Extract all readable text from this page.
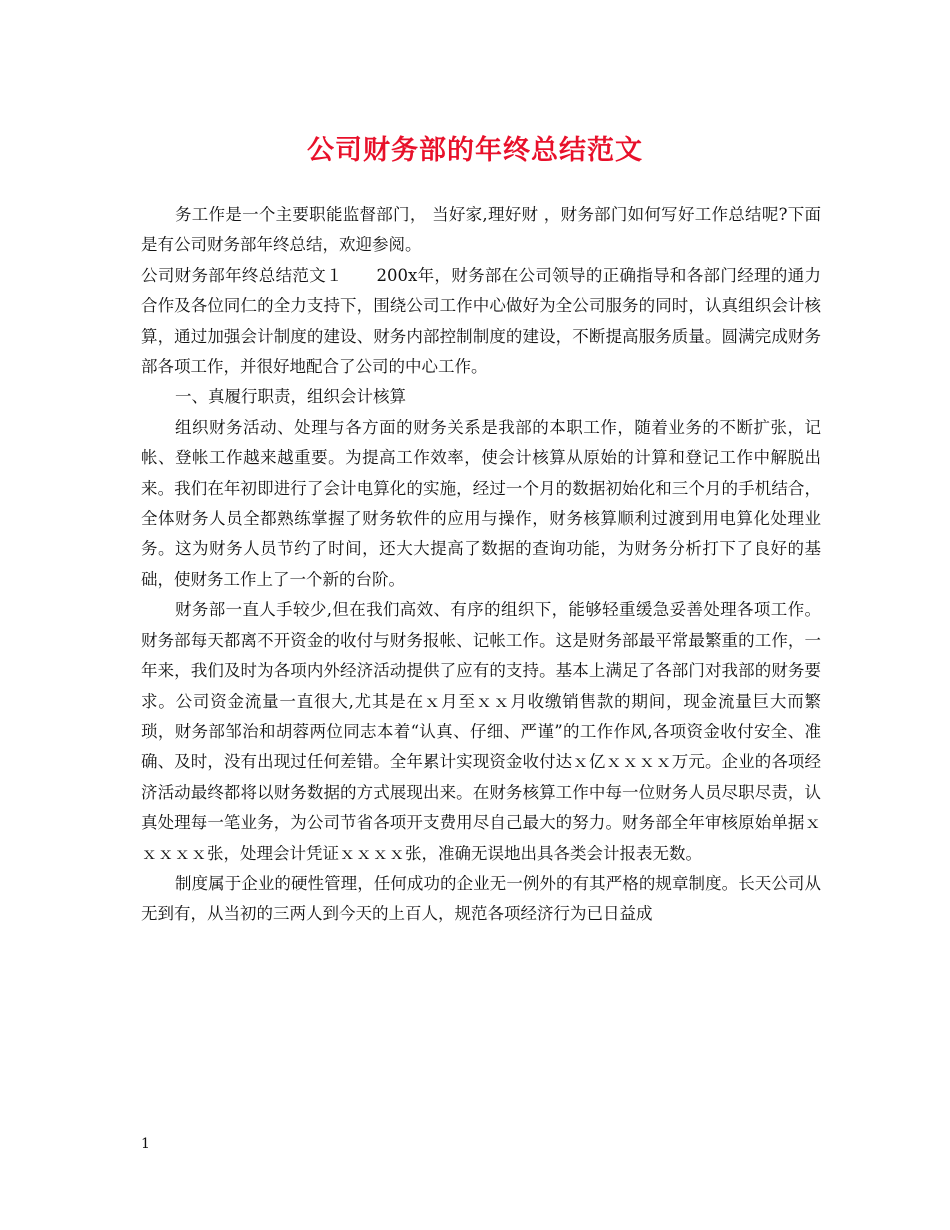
公司财务部的年终总结范文

务工作是一个主要职能监督部门， 当好家,理好财 ，财务部门如何写好工作总结呢?下面是有公司财务部年终总结，欢迎参阅。

公司财务部年终总结范文１　　200x年，财务部在公司领导的正确指导和各部门经理的通力合作及各位同仁的全力支持下，围绕公司工作中心做好为全公司服务的同时，认真组织会计核算，通过加强会计制度的建设、财务内部控制制度的建设，不断提高服务质量。圆满完成财务部各项工作，并很好地配合了公司的中心工作。

一、真履行职责，组织会计核算

组织财务活动、处理与各方面的财务关系是我部的本职工作，随着业务的不断扩张，记帐、登帐工作越来越重要。为提高工作效率，使会计核算从原始的计算和登记工作中解脱出来。我们在年初即进行了会计电算化的实施，经过一个月的数据初始化和三个月的手机结合，全体财务人员全都熟练掌握了财务软件的应用与操作，财务核算顺利过渡到用电算化处理业务。这为财务人员节约了时间，还大大提高了数据的查询功能，为财务分析打下了良好的基础，使财务工作上了一个新的台阶。

财务部一直人手较少,但在我们高效、有序的组织下，能够轻重缓急妥善处理各项工作。财务部每天都离不开资金的收付与财务报帐、记帐工作。这是财务部最平常最繁重的工作，一年来，我们及时为各项内外经济活动提供了应有的支持。基本上满足了各部门对我部的财务要求。公司资金流量一直很大,尤其是在ｘ月至ｘｘ月收缴销售款的期间，现金流量巨大而繁琐，财务部邹治和胡蓉两位同志本着“认真、仔细、严谨”的工作作风,各项资金收付安全、准确、及时，没有出现过任何差错。全年累计实现资金收付达ｘ亿ｘｘｘｘ万元。企业的各项经济活动最终都将以财务数据的方式展现出来。在财务核算工作中每一位财务人员尽职尽责，认真处理每一笔业务，为公司节省各项开支费用尽自己最大的努力。财务部全年审核原始单据ｘｘｘｘｘ张，处理会计凭证ｘｘｘｘ张，准确无误地出具各类会计报表无数。

制度属于企业的硬性管理，任何成功的企业无一例外的有其严格的规章制度。长天公司从无到有，从当初的三两人到今天的上百人，规范各项经济行为已日益成

1
